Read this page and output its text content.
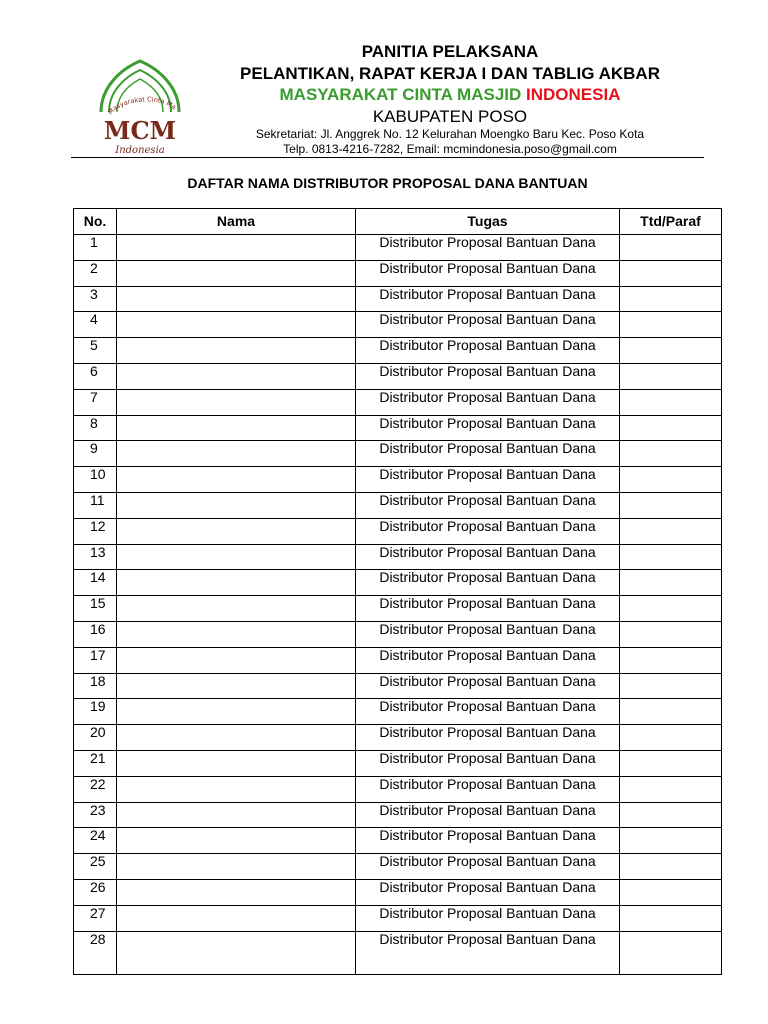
Masyarakat Cinta Ma
MCM
Indonesia

PANITIA PELAKSANA

PELANTIKAN, RAPAT KERJA I DAN TABLIG AKBAR

MASYARAKAT CINTA MASJID INDONESIA

KABUPATEN POSO

Sekretariat: Jl. Anggrek No. 12 Kelurahan Moengko Baru Kec. Poso Kota

Telp. 0813-4216-7282, Email: mcmindonesia.poso@gmail.com

DAFTAR NAMA DISTRIBUTOR PROPOSAL DANA BANTUAN
No.	Nama	Tugas	Ttd/Paraf
1		Distributor Proposal Bantuan Dana	
2		Distributor Proposal Bantuan Dana	
3		Distributor Proposal Bantuan Dana	
4		Distributor Proposal Bantuan Dana	
5		Distributor Proposal Bantuan Dana	
6		Distributor Proposal Bantuan Dana	
7		Distributor Proposal Bantuan Dana	
8		Distributor Proposal Bantuan Dana	
9		Distributor Proposal Bantuan Dana	
10		Distributor Proposal Bantuan Dana	
11		Distributor Proposal Bantuan Dana	
12		Distributor Proposal Bantuan Dana	
13		Distributor Proposal Bantuan Dana	
14		Distributor Proposal Bantuan Dana	
15		Distributor Proposal Bantuan Dana	
16		Distributor Proposal Bantuan Dana	
17		Distributor Proposal Bantuan Dana	
18		Distributor Proposal Bantuan Dana	
19		Distributor Proposal Bantuan Dana	
20		Distributor Proposal Bantuan Dana	
21		Distributor Proposal Bantuan Dana	
22		Distributor Proposal Bantuan Dana	
23		Distributor Proposal Bantuan Dana	
24		Distributor Proposal Bantuan Dana	
25		Distributor Proposal Bantuan Dana	
26		Distributor Proposal Bantuan Dana	
27		Distributor Proposal Bantuan Dana	
28		Distributor Proposal Bantuan Dana	
